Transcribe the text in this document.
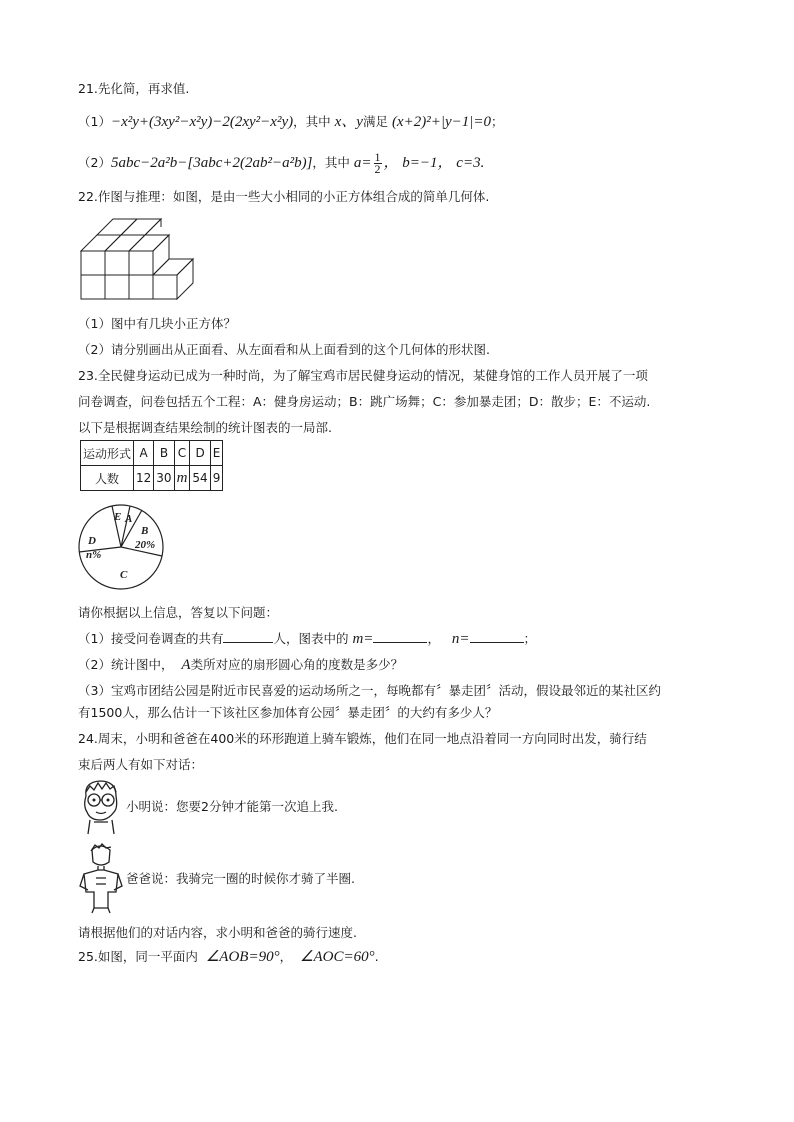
21.先化简，再求值.
（1）−x²y+(3xy²−x²y)−2(2xy²−x²y)，其中 x、y满足 (x+2)²+|y−1|=0；
（2）5abc−2a²b−[3abc+2(2ab²−a²b)]，其中 $a= \frac{1}{2}$ ， b=−1， c=3.
22.作图与推理：如图，是由一些大小相同的小正方体组合成的简单几何体.
（1）图中有几块小正方体？
（2）请分别画出从正面看、从左面看和从上面看到的这个几何体的形状图.
23.全民健身运动已成为一种时尚，为了解宝鸡市居民健身运动的情况，某健身馆的工作人员开展了一项
问卷调查，问卷包括五个工程：A：健身房运动；B：跳广场舞；C：参加暴走团；D：散步；E：不运动.
以下是根据调查结果绘制的统计图表的一局部.
运动形式	A	B	C	D	E
人数	12	30	m	54	9
E A
B
20%
D
n%
C
请你根据以上信息，答复以下问题：
（1）接受问卷调查的共有	人，图表中的 m=	， n=	；
（2）统计图中， A类所对应的扇形圆心角的度数是多少？
（3）宝鸡市团结公园是附近市民喜爱的运动场所之一，每晚都有〞暴走团〞活动，假设最邻近的某社区约
有1500人，那么估计一下该社区参加体育公园〞暴走团〞的大约有多少人？
24.周末，小明和爸爸在400米的环形跑道上骑车锻炼，他们在同一地点沿着同一方向同时出发，骑行结
束后两人有如下对话：
小明说：您要2分钟才能第一次追上我.
爸爸说：我骑完一圈的时候你才骑了半圈.
请根据他们的对话内容，求小明和爸爸的骑行速度.
25.如图，同一平面内 ∠AOB=90°， ∠AOC=60°.
